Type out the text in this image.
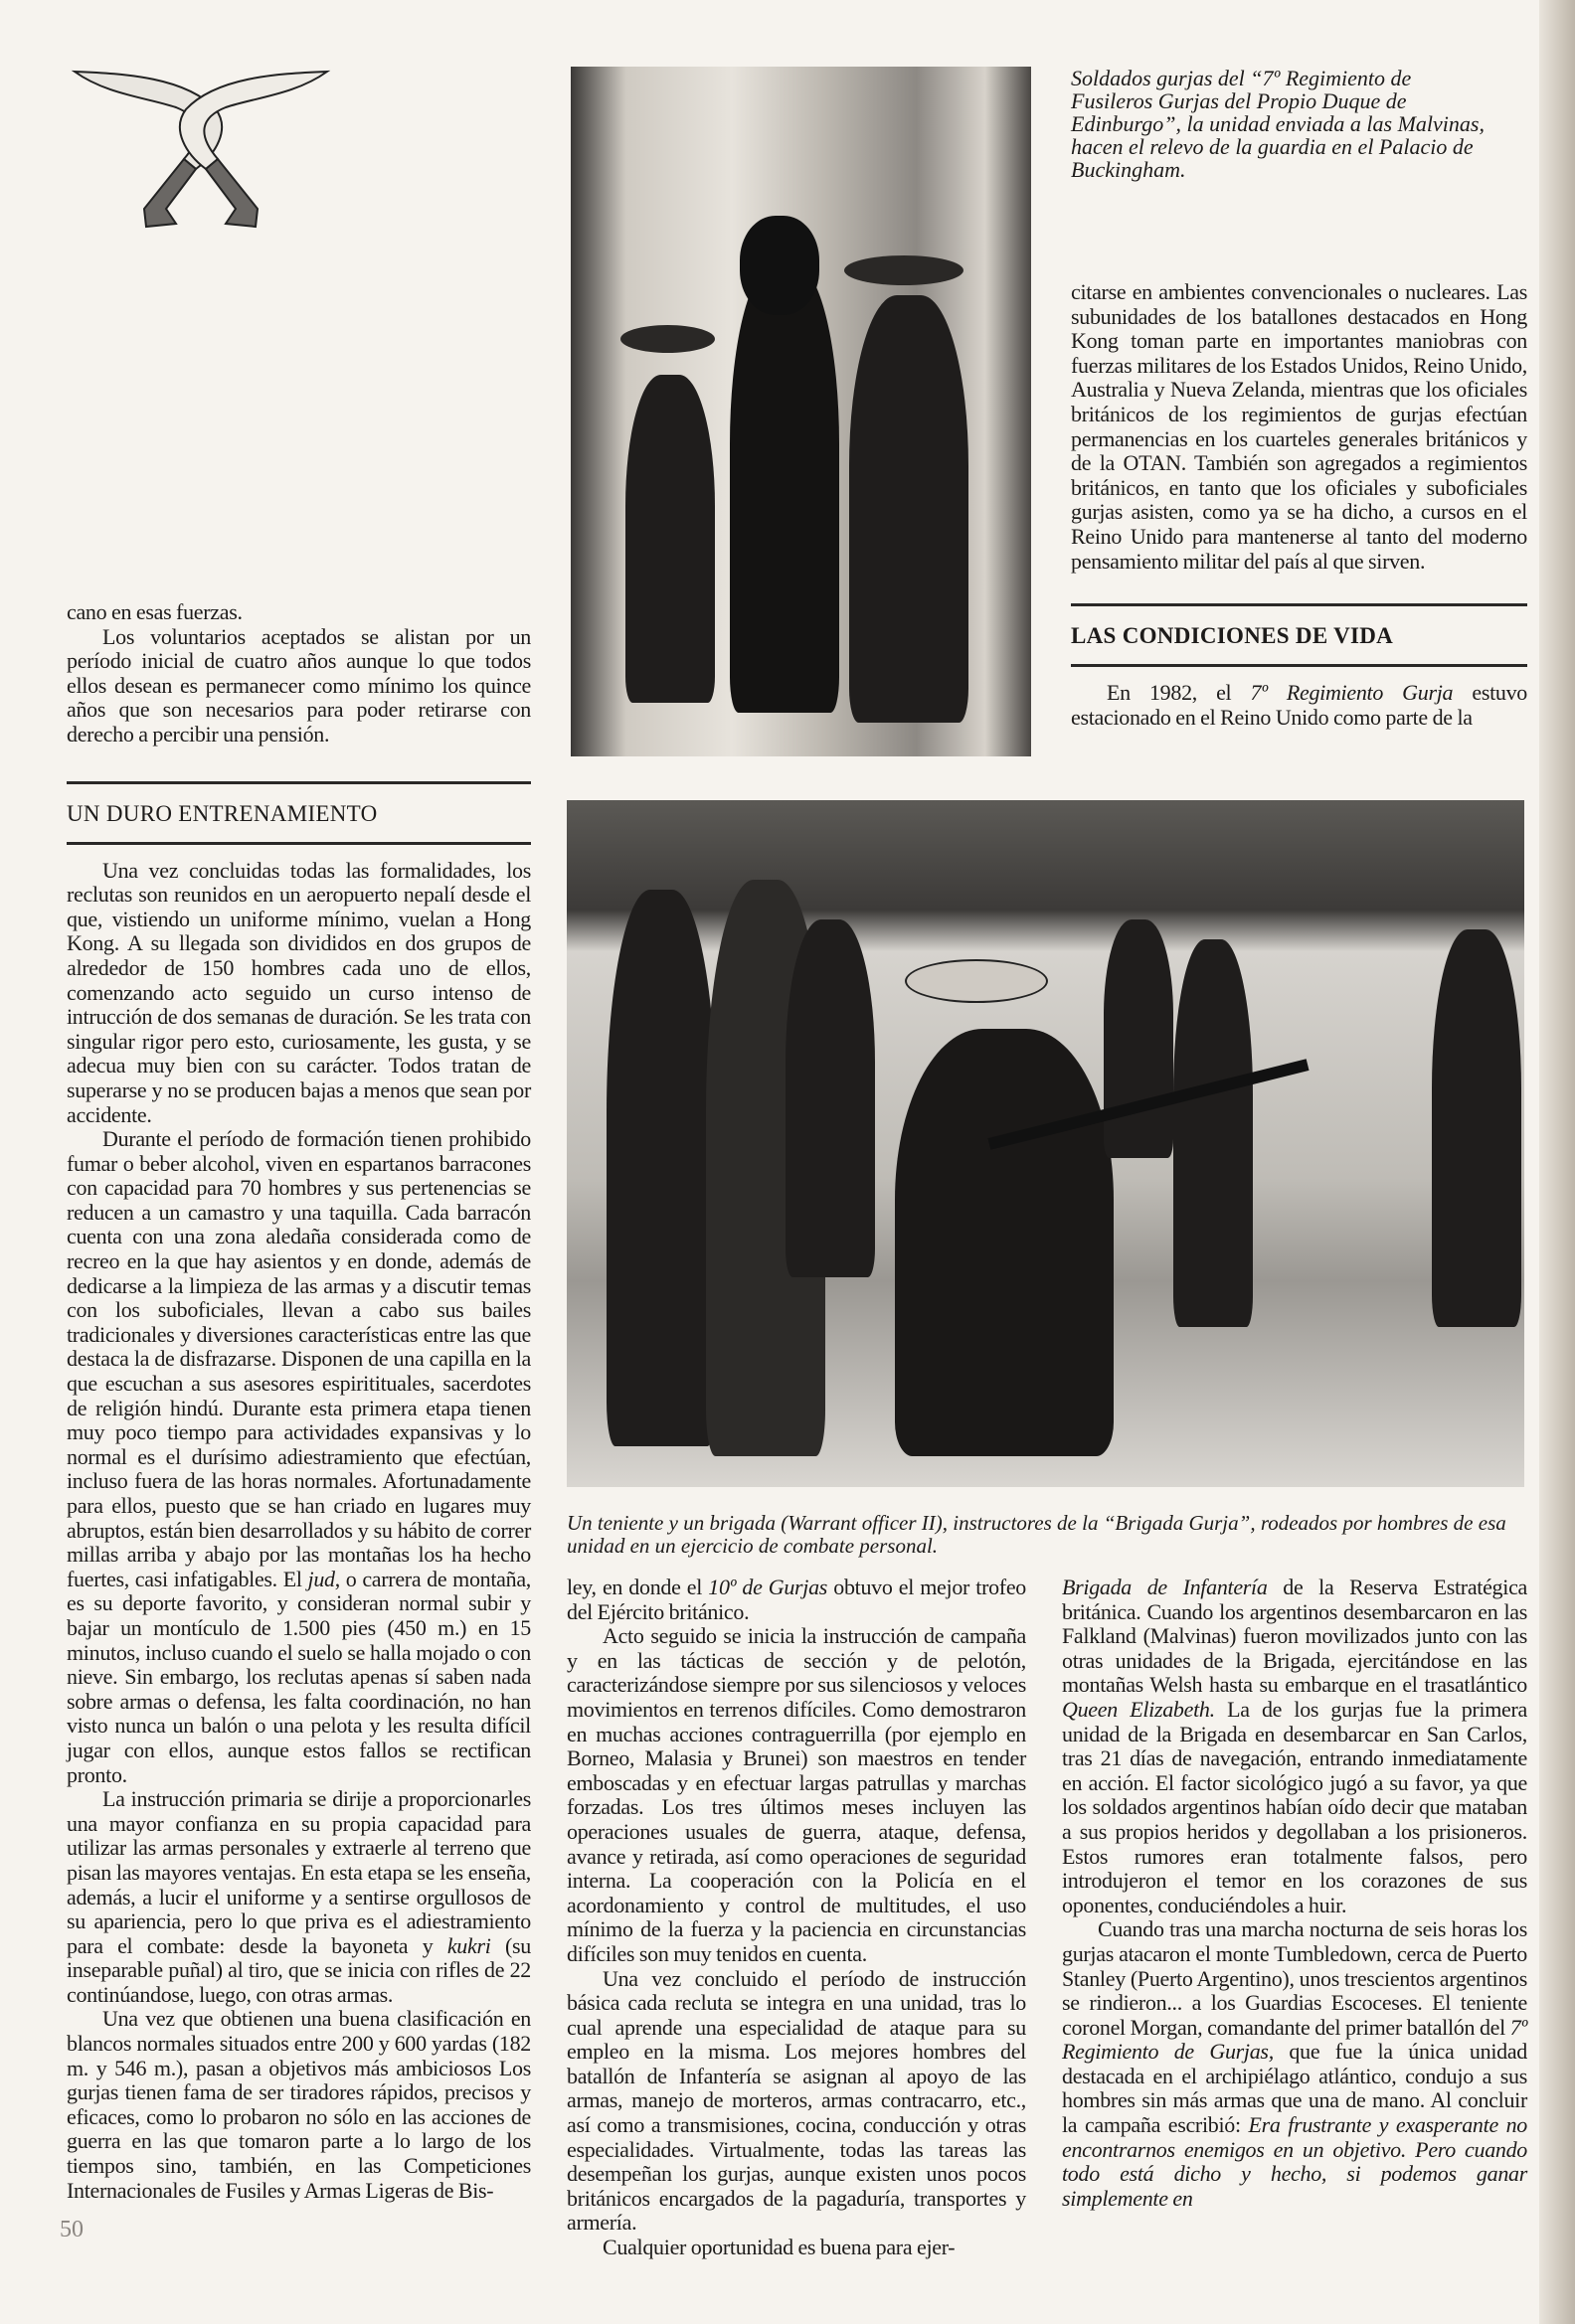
cano en esas fuerzas.

Los voluntarios aceptados se alistan por un período inicial de cuatro años aunque lo que todos ellos desean es permanecer como mínimo los quince años que son necesarios para poder retirarse con derecho a percibir una pensión.

UN DURO ENTRENAMIENTO

Una vez concluidas todas las formalidades, los reclutas son reunidos en un aeropuerto nepalí desde el que, vistiendo un uniforme mínimo, vuelan a Hong Kong. A su llegada son divididos en dos grupos de alrededor de 150 hombres cada uno de ellos, comenzando acto seguido un curso intenso de intrucción de dos semanas de duración. Se les trata con singular rigor pero esto, curiosamente, les gusta, y se adecua muy bien con su carácter. Todos tratan de superarse y no se producen bajas a menos que sean por accidente.

Durante el período de formación tienen prohibido fumar o beber alcohol, viven en espartanos barracones con capacidad para 70 hombres y sus pertenencias se reducen a un camastro y una taquilla. Cada barracón cuenta con una zona aledaña considerada como de recreo en la que hay asientos y en donde, además de dedicarse a la limpieza de las armas y a discutir temas con los suboficiales, llevan a cabo sus bailes tradicionales y diversiones características entre las que destaca la de disfrazarse. Disponen de una capilla en la que escuchan a sus asesores espiritituales, sacerdotes de religión hindú. Durante esta primera etapa tienen muy poco tiempo para actividades expansivas y lo normal es el durísimo adiestramiento que efectúan, incluso fuera de las horas normales. Afortunadamente para ellos, puesto que se han criado en lugares muy abruptos, están bien desarrollados y su hábito de correr millas arriba y abajo por las montañas los ha hecho fuertes, casi infatigables. El jud, o carrera de montaña, es su deporte favorito, y consideran normal subir y bajar un montículo de 1.500 pies (450 m.) en 15 minutos, incluso cuando el suelo se halla mojado o con nieve. Sin embargo, los reclutas apenas sí saben nada sobre armas o defensa, les falta coordinación, no han visto nunca un balón o una pelota y les resulta difícil jugar con ellos, aunque estos fallos se rectifican pronto.

La instrucción primaria se dirije a proporcionarles una mayor confianza en su propia capacidad para utilizar las armas personales y extraerle al terreno que pisan las mayores ventajas. En esta etapa se les enseña, además, a lucir el uniforme y a sentirse orgullosos de su apariencia, pero lo que priva es el adiestramiento para el combate: desde la bayoneta y kukri (su inseparable puñal) al tiro, que se inicia con rifles de 22 continúandose, luego, con otras armas.

Una vez que obtienen una buena clasificación en blancos normales situados entre 200 y 600 yardas (182 m. y 546 m.), pasan a objetivos más ambiciosos Los gurjas tienen fama de ser tiradores rápidos, precisos y eficaces, como lo probaron no sólo en las acciones de guerra en las que tomaron parte a lo largo de los tiempos sino, también, en las Competiciones Internacionales de Fusiles y Armas Ligeras de Bis-

50
Soldados gurjas del “7º Regimiento de Fusileros Gurjas del Propio Duque de Edinburgo”, la unidad enviada a las Malvinas, hacen el relevo de la guardia en el Palacio de Buckingham.

citarse en ambientes convencionales o nucleares. Las subunidades de los batallones destacados en Hong Kong toman parte en importantes maniobras con fuerzas militares de los Estados Unidos, Reino Unido, Australia y Nueva Zelanda, mientras que los oficiales británicos de los regimientos de gurjas efectúan permanencias en los cuarteles generales británicos y de la OTAN. También son agregados a regimientos británicos, en tanto que los oficiales y suboficiales gurjas asisten, como ya se ha dicho, a cursos en el Reino Unido para mantenerse al tanto del moderno pensamiento militar del país al que sirven.

LAS CONDICIONES DE VIDA

En 1982, el 7º Regimiento Gurja estuvo estacionado en el Reino Unido como parte de la

Un teniente y un brigada (Warrant officer II), instructores de la “Brigada Gurja”, rodeados por hombres de esa unidad en un ejercicio de combate personal.

ley, en donde el 10º de Gurjas obtuvo el mejor trofeo del Ejército británico.

Acto seguido se inicia la instrucción de campaña y en las tácticas de sección y de pelotón, caracterizándose siempre por sus silenciosos y veloces movimientos en terrenos difíciles. Como demostraron en muchas acciones contraguerrilla (por ejemplo en Borneo, Malasia y Brunei) son maestros en tender emboscadas y en efectuar largas patrullas y marchas forzadas. Los tres últimos meses incluyen las operaciones usuales de guerra, ataque, defensa, avance y retirada, así como operaciones de seguridad interna. La cooperación con la Policía en el acordonamiento y control de multitudes, el uso mínimo de la fuerza y la paciencia en circunstancias difíciles son muy tenidos en cuenta.

Una vez concluido el período de instrucción básica cada recluta se integra en una unidad, tras lo cual aprende una especialidad de ataque para su empleo en la misma. Los mejores hombres del batallón de Infantería se asignan al apoyo de las armas, manejo de morteros, armas contracarro, etc., así como a transmisiones, cocina, conducción y otras especialidades. Virtualmente, todas las tareas las desempeñan los gurjas, aunque existen unos pocos británicos encargados de la pagaduría, transportes y armería.

Cualquier oportunidad es buena para ejer-

Brigada de Infantería de la Reserva Estratégica británica. Cuando los argentinos desembarcaron en las Falkland (Malvinas) fueron movilizados junto con las otras unidades de la Brigada, ejercitándose en las montañas Welsh hasta su embarque en el trasatlántico Queen Elizabeth. La de los gurjas fue la primera unidad de la Brigada en desembarcar en San Carlos, tras 21 días de navegación, entrando inmediatamente en acción. El factor sicológico jugó a su favor, ya que los soldados argentinos habían oído decir que mataban a sus propios heridos y degollaban a los prisioneros. Estos rumores eran totalmente falsos, pero introdujeron el temor en los corazones de sus oponentes, conduciéndoles a huir.

Cuando tras una marcha nocturna de seis horas los gurjas atacaron el monte Tumbledown, cerca de Puerto Stanley (Puerto Argentino), unos trescientos argentinos se rindieron... a los Guardias Escoceses. El teniente coronel Morgan, comandante del primer batallón del 7º Regimiento de Gurjas, que fue la única unidad destacada en el archipiélago atlántico, condujo a sus hombres sin más armas que una de mano. Al concluir la campaña escribió: Era frustrante y exasperante no encontrarnos enemigos en un objetivo. Pero cuando todo está dicho y hecho, si podemos ganar simplemente en
